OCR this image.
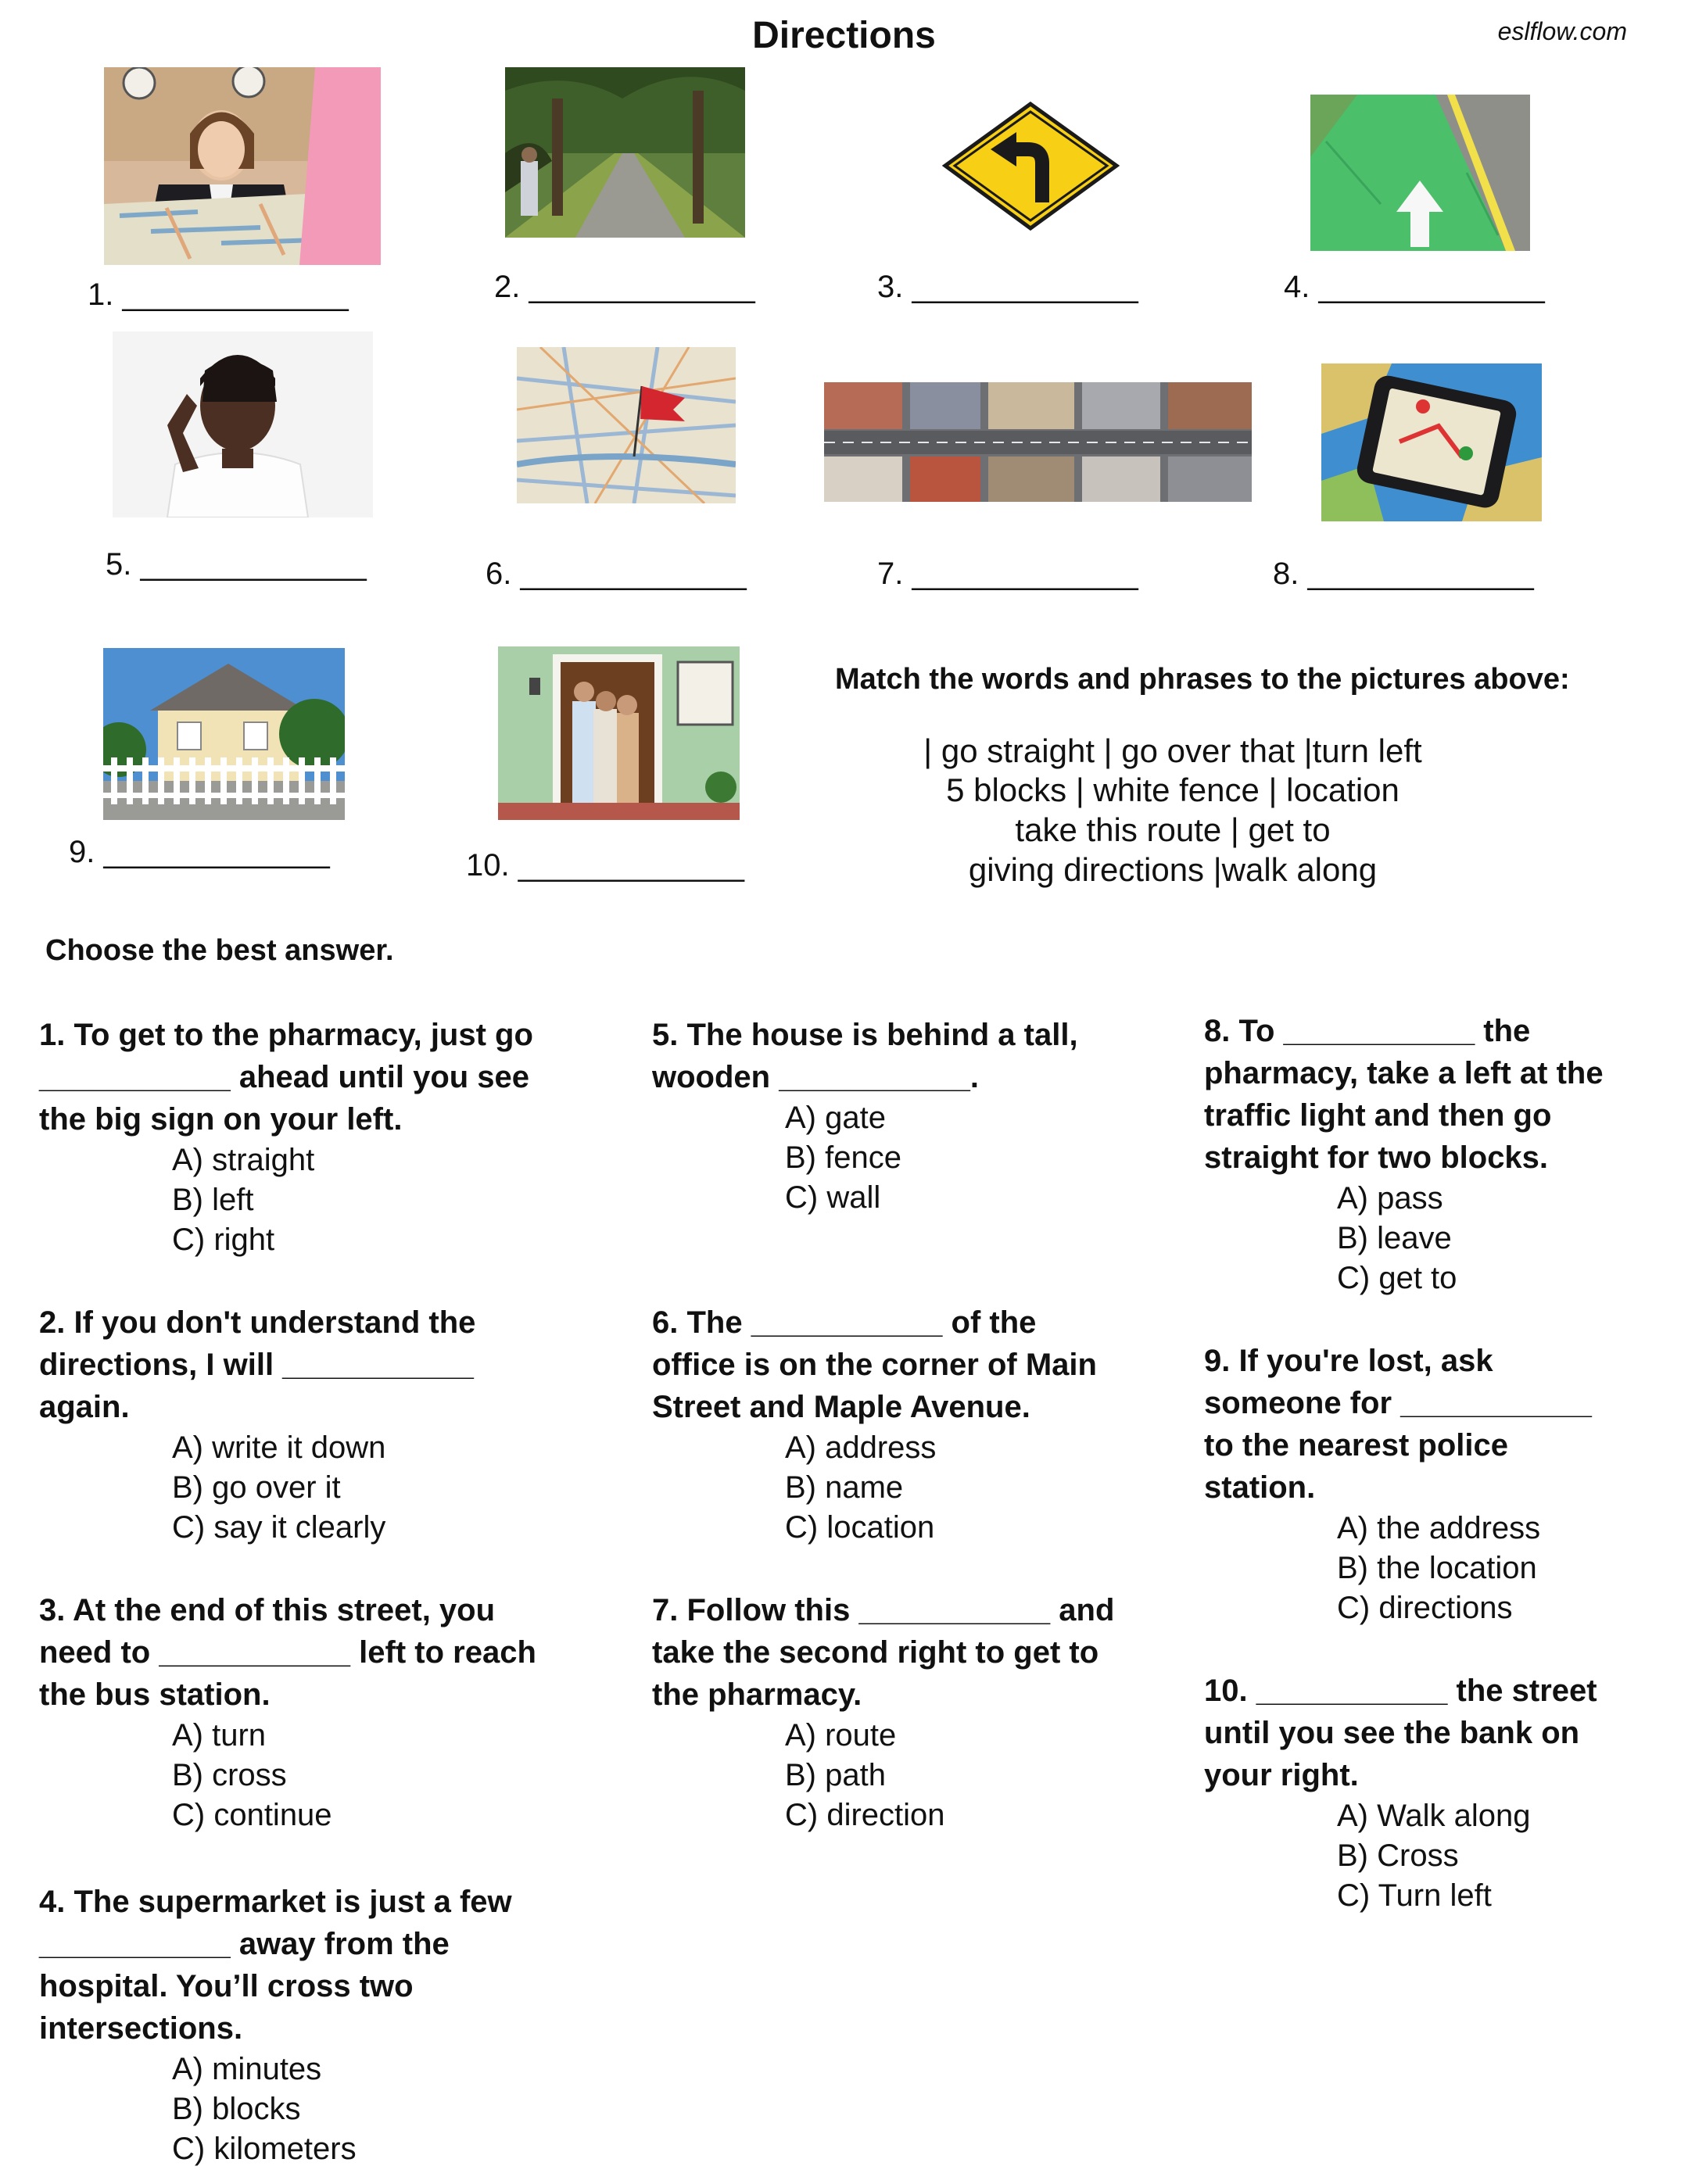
Directions	eslflow.com
1. _____________	2. _____________	3. _____________	4. _____________
5. _____________	6. _____________	7. _____________	8. _____________
9. _____________	10. _____________
Match the words and phrases to the pictures above:
| go straight | go over that |turn left
5 blocks | white fence | location
take this route | get to
giving directions |walk along
Choose the best answer.
1. To get to the pharmacy, just go
___________ ahead until you see
the big sign on your left.
A) straight
B) left
C) right
2. If you don't understand the
directions, I will ___________
again.
A) write it down
B) go over it
C) say it clearly
3. At the end of this street, you
need to ___________ left to reach
the bus station.
A) turn
B) cross
C) continue
4. The supermarket is just a few
___________ away from the
hospital. You’ll cross two
intersections.
A) minutes
B) blocks
C) kilometers
5. The house is behind a tall,
wooden ___________.
A) gate
B) fence
C) wall
6. The ___________ of the
office is on the corner of Main
Street and Maple Avenue.
A) address
B) name
C) location
7. Follow this ___________ and
take the second right to get to
the pharmacy.
A) route
B) path
C) direction
8. To ___________ the
pharmacy, take a left at the
traffic light and then go
straight for two blocks.
A) pass
B) leave
C) get to
9. If you're lost, ask
someone for ___________
to the nearest police
station.
A) the address
B) the location
C) directions
10. ___________ the street
until you see the bank on
your right.
A) Walk along
B) Cross
C) Turn left
